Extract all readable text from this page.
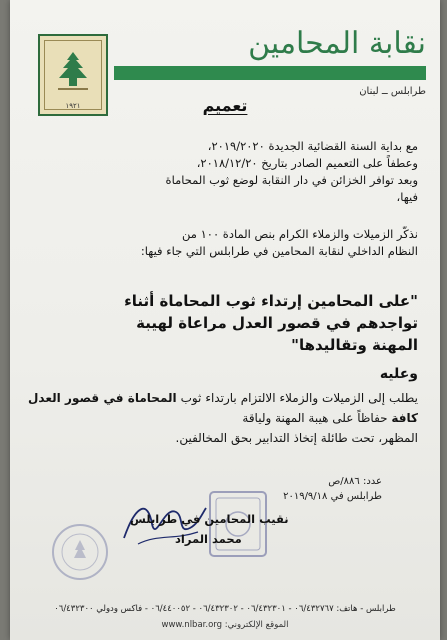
١٩٢١
نقابة المحامين
طرابلس ــ لبنان
تعميم
مع بداية السنة القضائية الجديدة ٢٠١٩/٢٠٢٠،
وعطفاً على التعميم الصادر بتاريخ ٢٠١٨/١٢/٢٠،
وبعد توافر الخزائن في دار النقابة لوضع ثوب المحاماة
فيها،
نذكّر الزميلات والزملاء الكرام بنص المادة ١٠٠ من
النظام الداخلي لنقابة المحامين في طرابلس التي جاء فيها:
"على المحامين إرتداء ثوب المحاماة أثناء
تواجدهم في قصور العدل مراعاة لهيبة
المهنة وتقاليدها"
وعليه
يطلب إلى الزميلات والزملاء الالتزام بارتداء ثوب المحاماة في قصور العدل كافة حفاظاً على هيبة المهنة ولياقة
المظهر، تحت طائلة إتخاذ التدابير بحق المخالفين.
عدد: ٨٨٦/ص
طرابلس في ٢٠١٩/٩/١٨
نقيب المحامين في طرابلس
محمد المراد
طرابلس - هاتف: ٠٦/٤٣٢٧٦٧ - ٠٦/٤٣٢٣٠١ - ٠٦/٤٣٢٣٠٢ - ٠٦/٤٤٠٠٥٢ - فاكس ودولي ٠٦/٤٣٢٣٠٠
الموقع الإلكتروني: www.nlbar.org
